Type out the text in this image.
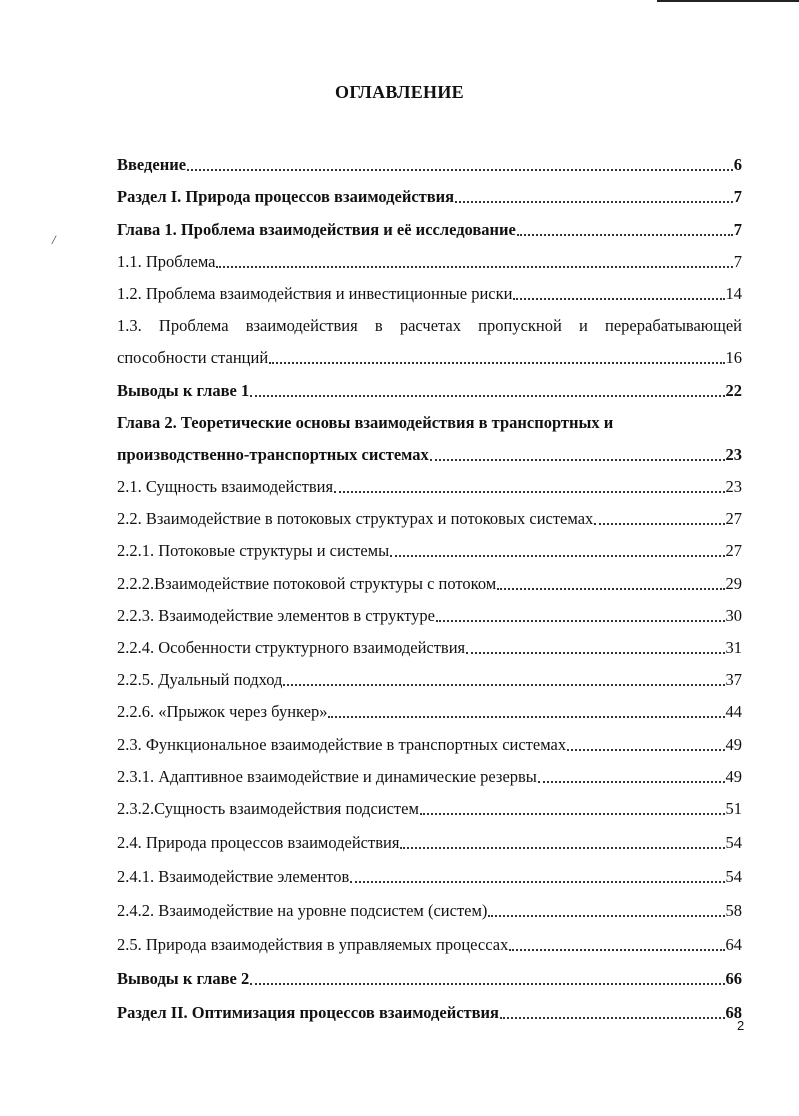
/
ОГЛАВЛЕНИЕ
Введение	6
Раздел I. Природа процессов взаимодействия	7
Глава 1. Проблема взаимодействия и её исследование	7
1.1. Проблема	7
1.2. Проблема взаимодействия и инвестиционные риски	14
1.3. Проблема взаимодействия в расчетах пропускной и перерабатывающей
способности станций	16
Выводы к главе 1	22
Глава 2. Теоретические основы взаимодействия в транспортных и
производственно-транспортных системах	23
2.1. Сущность взаимодействия	23
2.2. Взаимодействие в потоковых структурах и потоковых системах	27
2.2.1. Потоковые структуры и системы	27
2.2.2.Взаимодействие потоковой структуры с потоком	29
2.2.3. Взаимодействие элементов в структуре	30
2.2.4. Особенности структурного взаимодействия	31
2.2.5. Дуальный подход	37
2.2.6. «Прыжок через бункер»	44
2.3. Функциональное взаимодействие в транспортных системах	49
2.3.1. Адаптивное взаимодействие и динамические резервы	49
2.3.2.Сущность взаимодействия подсистем	51
2.4. Природа процессов взаимодействия	54
2.4.1. Взаимодействие элементов	54
2.4.2. Взаимодействие на уровне подсистем (систем)	58
2.5. Природа взаимодействия в управляемых процессах	64
Выводы к главе 2	66
Раздел II. Оптимизация процессов взаимодействия	68
2
